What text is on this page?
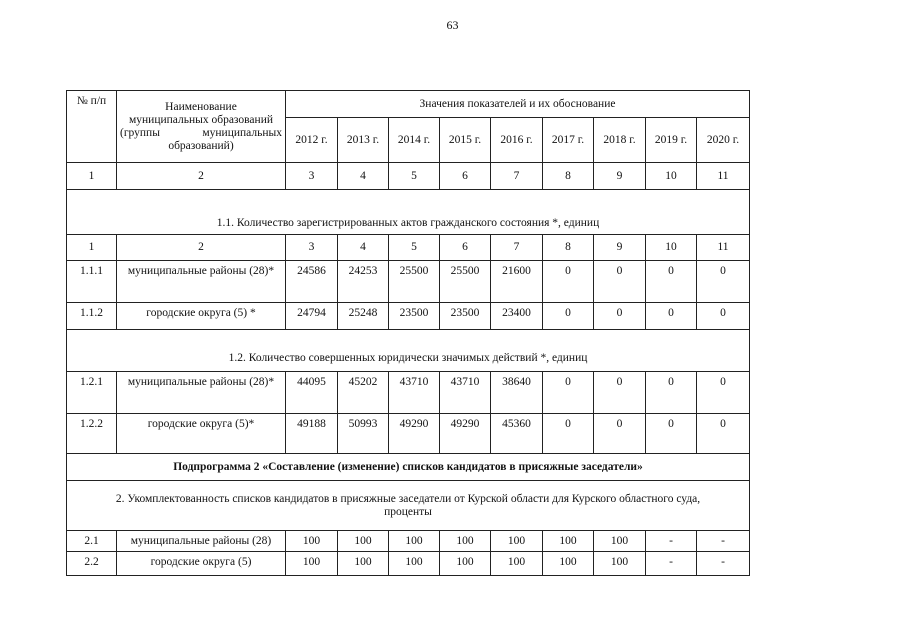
63
№ п/п	Наименование
муниципальных образований
(группы муниципальных
образований)	Значения показателей и их обоснование								
		2012 г.	2013 г.	2014 г.	2015 г.	2016 г.	2017 г.	2018 г.	2019 г.	2020 г.
1	2	3	4	5	6	7	8	9	10	11
1.1. Количество зарегистрированных актов гражданского состояния *, единиц										
1	2	3	4	5	6	7	8	9	10	11
1.1.1	муниципальные районы (28)*	24586	24253	25500	25500	21600	0	0	0	0
1.1.2	городские округа (5) *	24794	25248	23500	23500	23400	0	0	0	0
1.2. Количество совершенных юридически значимых действий *, единиц										
1.2.1	муниципальные районы (28)*	44095	45202	43710	43710	38640	0	0	0	0
1.2.2	городские округа (5)*	49188	50993	49290	49290	45360	0	0	0	0
Подпрограмма 2 «Составление (изменение) списков кандидатов в присяжные заседатели»										

2. Укомплектованность списков кандидатов в присяжные заседатели от Курской области для Курского областного суда,
проценты										

2.1	муниципальные районы (28)	100	100	100	100	100	100	100	-	-
2.2	городские округа (5)	100	100	100	100	100	100	100	-	-
